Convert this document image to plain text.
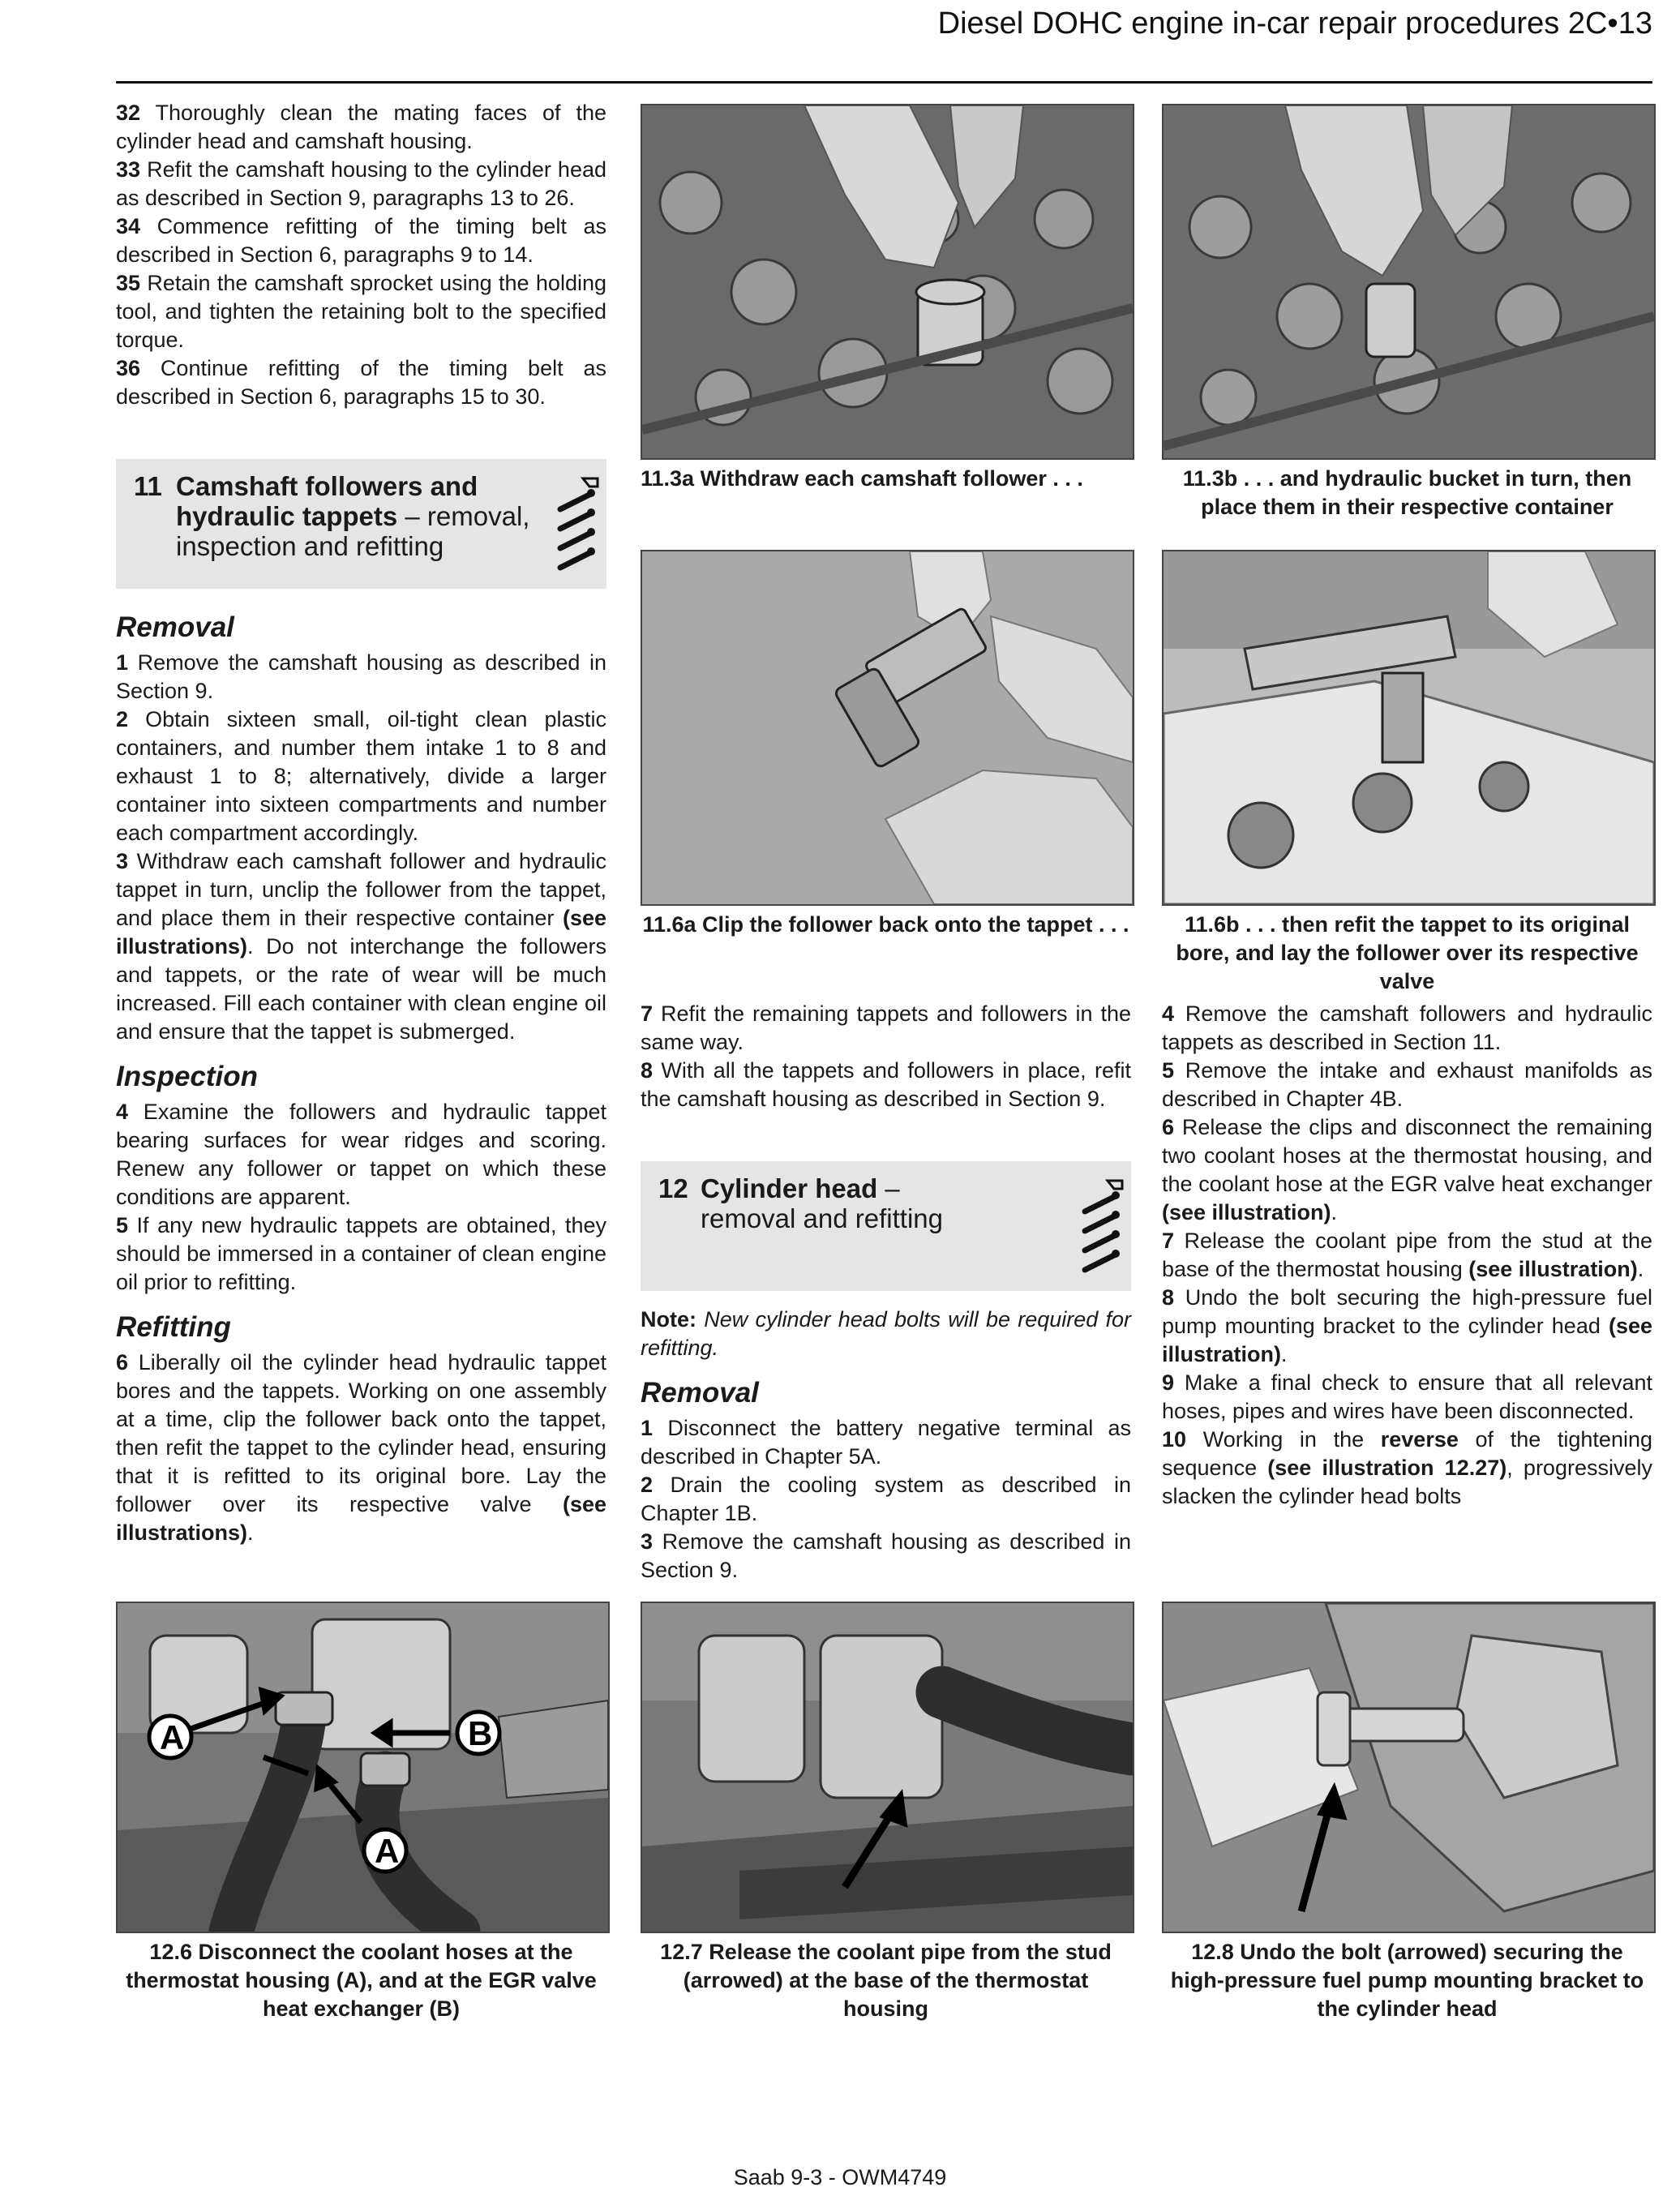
Diesel DOHC engine in-car repair procedures 2C•13

32 Thoroughly clean the mating faces of the cylinder head and camshaft housing.

33 Refit the camshaft housing to the cylinder head as described in Section 9, paragraphs 13 to 26.

34 Commence refitting of the timing belt as described in Section 6, paragraphs 9 to 14.

35 Retain the camshaft sprocket using the holding tool, and tighten the retaining bolt to the specified torque.

36 Continue refitting of the timing belt as described in Section 6, paragraphs 15 to 30.

11 Camshaft followers and hydraulic tappets – removal, inspection and refitting
Removal

1 Remove the camshaft housing as described in Section 9.

2 Obtain sixteen small, oil-tight clean plastic containers, and number them intake 1 to 8 and exhaust 1 to 8; alternatively, divide a larger container into sixteen compartments and number each compartment accordingly.

3 Withdraw each camshaft follower and hydraulic tappet in turn, unclip the follower from the tappet, and place them in their respective container (see illustrations). Do not interchange the followers and tappets, or the rate of wear will be much increased. Fill each container with clean engine oil and ensure that the tappet is submerged.

Inspection

4 Examine the followers and hydraulic tappet bearing surfaces for wear ridges and scoring. Renew any follower or tappet on which these conditions are apparent.

5 If any new hydraulic tappets are obtained, they should be immersed in a container of clean engine oil prior to refitting.

Refitting

6 Liberally oil the cylinder head hydraulic tappet bores and the tappets. Working on one assembly at a time, clip the follower back onto the tappet, then refit the tappet to the cylinder head, ensuring that it is refitted to its original bore. Lay the follower over its respective valve (see illustrations).

11.3a Withdraw each camshaft follower . . .	11.3b . . . and hydraulic bucket in turn, then place them in their respective container
11.6a Clip the follower back onto the tappet . . .	11.6b . . . then refit the tappet to its original bore, and lay the follower over its respective valve

7 Refit the remaining tappets and followers in the same way.

8 With all the tappets and followers in place, refit the camshaft housing as described in Section 9.

12 Cylinder head –
removal and refitting

Note: New cylinder head bolts will be required for refitting.

Removal

1 Disconnect the battery negative terminal as described in Chapter 5A.

2 Drain the cooling system as described in Chapter 1B.

3 Remove the camshaft housing as described in Section 9.

4 Remove the camshaft followers and hydraulic tappets as described in Section 11.

5 Remove the intake and exhaust manifolds as described in Chapter 4B.

6 Release the clips and disconnect the remaining two coolant hoses at the thermostat housing, and the coolant hose at the EGR valve heat exchanger (see illustration).

7 Release the coolant pipe from the stud at the base of the thermostat housing (see illustration).

8 Undo the bolt securing the high-pressure fuel pump mounting bracket to the cylinder head (see illustration).

9 Make a final check to ensure that all relevant hoses, pipes and wires have been disconnected.

10 Working in the reverse of the tightening sequence (see illustration 12.27), progressively slacken the cylinder head bolts

A
A
B
12.6 Disconnect the coolant hoses at the thermostat housing (A), and at the EGR valve heat exchanger (B)
12.7 Release the coolant pipe from the stud (arrowed) at the base of the thermostat housing
12.8 Undo the bolt (arrowed) securing the high-pressure fuel pump mounting bracket to the cylinder head
Saab 9-3 - OWM4749
